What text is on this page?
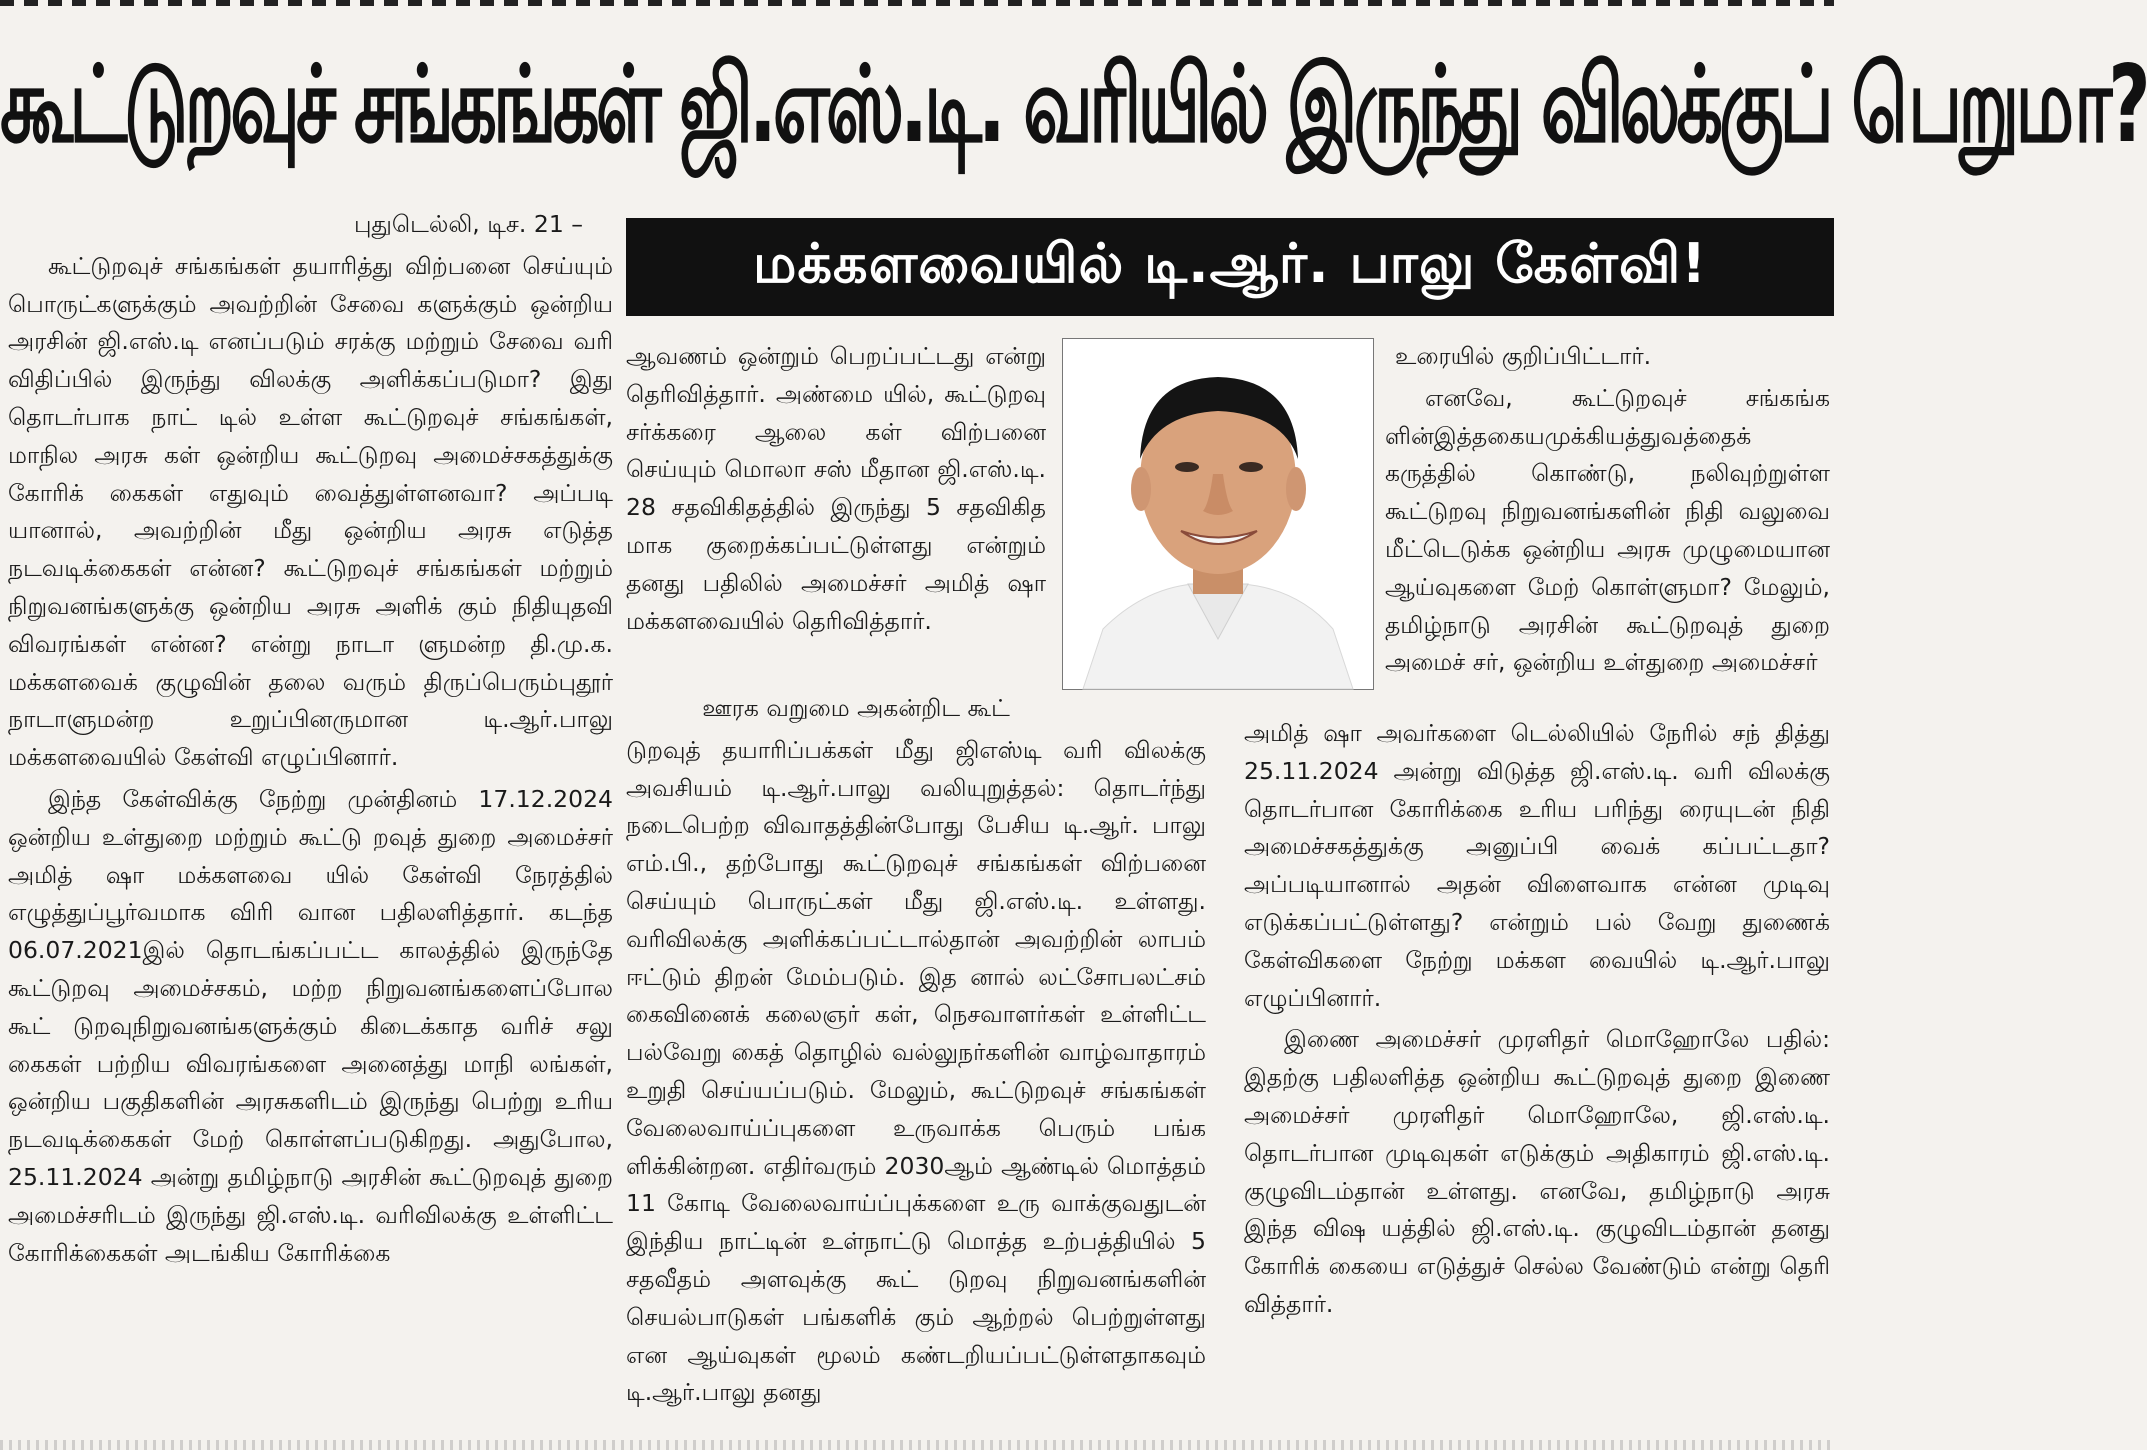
கூட்டுறவுச் சங்கங்கள் ஜி.எஸ்.டி. வரியில் இருந்து விலக்குப் பெறுமா?
மக்களவையில் டி.ஆர். பாலு கேள்வி!

புதுடெல்லி, டிச. 21 –

கூட்டுறவுச் சங்கங்கள் தயாரித்து விற்பனை செய்யும் பொருட்களுக்கும் அவற்றின் சேவை களுக்கும் ஒன்றிய அரசின் ஜி.எஸ்.டி எனப்படும் சரக்கு மற்றும் சேவை வரி விதிப்பில் இருந்து விலக்கு அளிக்கப்படுமா? இது தொடர்பாக நாட் டில் உள்ள கூட்டுறவுச் சங்கங்கள், மாநில அரசு கள் ஒன்றிய கூட்டுறவு அமைச்சகத்துக்கு கோரிக் கைகள் எதுவும் வைத்துள்ளனவா? அப்படி யானால், அவற்றின் மீது ஒன்றிய அரசு எடுத்த நடவடிக்கைகள் என்ன? கூட்டுறவுச் சங்கங்கள் மற்றும் நிறுவனங்களுக்கு ஒன்றிய அரசு அளிக் கும் நிதியுதவி விவரங்கள் என்ன? என்று நாடா ளுமன்ற தி.மு.க. மக்களவைக் குழுவின் தலை வரும் திருப்பெரும்புதூர் நாடாளுமன்ற உறுப்பினருமான டி.ஆர்.பாலு மக்களவையில் கேள்வி எழுப்பினார்.

இந்த கேள்விக்கு நேற்று முன்தினம் 17.12.2024 ஒன்றிய உள்துறை மற்றும் கூட்டு றவுத் துறை அமைச்சர் அமித் ஷா மக்களவை யில் கேள்வி நேரத்தில் எழுத்துப்பூர்வமாக விரி வான பதிலளித்தார். கடந்த 06.07.2021இல் தொடங்கப்பட்ட காலத்தில் இருந்தே கூட்டுறவு அமைச்சகம், மற்ற நிறுவனங்களைப்போல கூட் டுறவுநிறுவனங்களுக்கும் கிடைக்காத வரிச் சலு கைகள் பற்றிய விவரங்களை அனைத்து மாநி லங்கள், ஒன்றிய பகுதிகளின் அரசுகளிடம் இருந்து பெற்று உரிய நடவடிக்கைகள் மேற் கொள்ளப்படுகிறது. அதுபோல, 25.11.2024 அன்று தமிழ்நாடு அரசின் கூட்டுறவுத் துறை அமைச்சரிடம் இருந்து ஜி.எஸ்.டி. வரிவிலக்கு உள்ளிட்ட கோரிக்கைகள் அடங்கிய கோரிக்கை

ஆவணம் ஒன்றும் பெறப்பட்டது என்று தெரிவித்தார். அண்மை யில், கூட்டுறவு சர்க்கரை ஆலை கள் விற்பனை செய்யும் மொலா சஸ் மீதான ஜி.எஸ்.டி. 28 சதவிகிதத்தில் இருந்து 5 சதவிகித மாக குறைக்கப்பட்டுள்ளது என்றும் தனது பதிலில் அமைச்சர் அமித் ஷா மக்களவையில் தெரிவித்தார்.

ஊரக வறுமை அகன்றிட கூட்

டுறவுத் தயாரிப்பக்கள் மீது ஜிஎஸ்டி வரி விலக்கு அவசியம் டி.ஆர்.பாலு வலியுறுத்தல்: தொடர்ந்து நடைபெற்ற விவாதத்தின்போது பேசிய டி.ஆர். பாலு எம்.பி., தற்போது கூட்டுறவுச் சங்கங்கள் விற்பனை செய்யும் பொருட்கள் மீது ஜி.எஸ்.டி. உள்ளது. வரிவிலக்கு அளிக்கப்பட்டால்தான் அவற்றின் லாபம் ஈட்டும் திறன் மேம்படும். இத னால் லட்சோபலட்சம் கைவினைக் கலைஞர் கள், நெசவாளர்கள் உள்ளிட்ட பல்வேறு கைத் தொழில் வல்லுநர்களின் வாழ்வாதாரம் உறுதி செய்யப்படும். மேலும், கூட்டுறவுச் சங்கங்கள் வேலைவாய்ப்புகளை உருவாக்க பெரும் பங்க ளிக்கின்றன. எதிர்வரும் 2030ஆம் ஆண்டில் மொத்தம் 11 கோடி வேலைவாய்ப்புக்களை உரு வாக்குவதுடன் இந்திய நாட்டின் உள்நாட்டு மொத்த உற்பத்தியில் 5 சதவீதம் அளவுக்கு கூட் டுறவு நிறுவனங்களின் செயல்பாடுகள் பங்களிக் கும் ஆற்றல் பெற்றுள்ளது என ஆய்வுகள் மூலம் கண்டறியப்பட்டுள்ளதாகவும் டி.ஆர்.பாலு தனது

உரையில் குறிப்பிட்டார்.

எனவே, கூட்டுறவுச் சங்கங்க ளின்இத்தகையமுக்கியத்துவத்தைக் கருத்தில் கொண்டு, நலிவுற்றுள்ள கூட்டுறவு நிறுவனங்களின் நிதி வலுவை மீட்டெடுக்க ஒன்றிய அரசு முழுமையான ஆய்வுகளை மேற் கொள்ளுமா? மேலும், தமிழ்நாடு அரசின் கூட்டுறவுத் துறை அமைச் சர், ஒன்றிய உள்துறை அமைச்சர்

அமித் ஷா அவர்களை டெல்லியில் நேரில் சந் தித்து 25.11.2024 அன்று விடுத்த ஜி.எஸ்.டி. வரி விலக்கு தொடர்பான கோரிக்கை உரிய பரிந்து ரையுடன் நிதி அமைச்சகத்துக்கு அனுப்பி வைக் கப்பட்டதா? அப்படியானால் அதன் விளைவாக என்ன முடிவு எடுக்கப்பட்டுள்ளது? என்றும் பல் வேறு துணைக் கேள்விகளை நேற்று மக்கள வையில் டி.ஆர்.பாலு எழுப்பினார்.

இணை அமைச்சர் முரளிதர் மொஹோலே பதில்: இதற்கு பதிலளித்த ஒன்றிய கூட்டுறவுத் துறை இணை அமைச்சர் முரளிதர் மொஹோலே, ஜி.எஸ்.டி. தொடர்பான முடிவுகள் எடுக்கும் அதிகாரம் ஜி.எஸ்.டி. குழுவிடம்தான் உள்ளது. எனவே, தமிழ்நாடு அரசு இந்த விஷ யத்தில் ஜி.எஸ்.டி. குழுவிடம்தான் தனது கோரிக் கையை எடுத்துச் செல்ல வேண்டும் என்று தெரி வித்தார்.
